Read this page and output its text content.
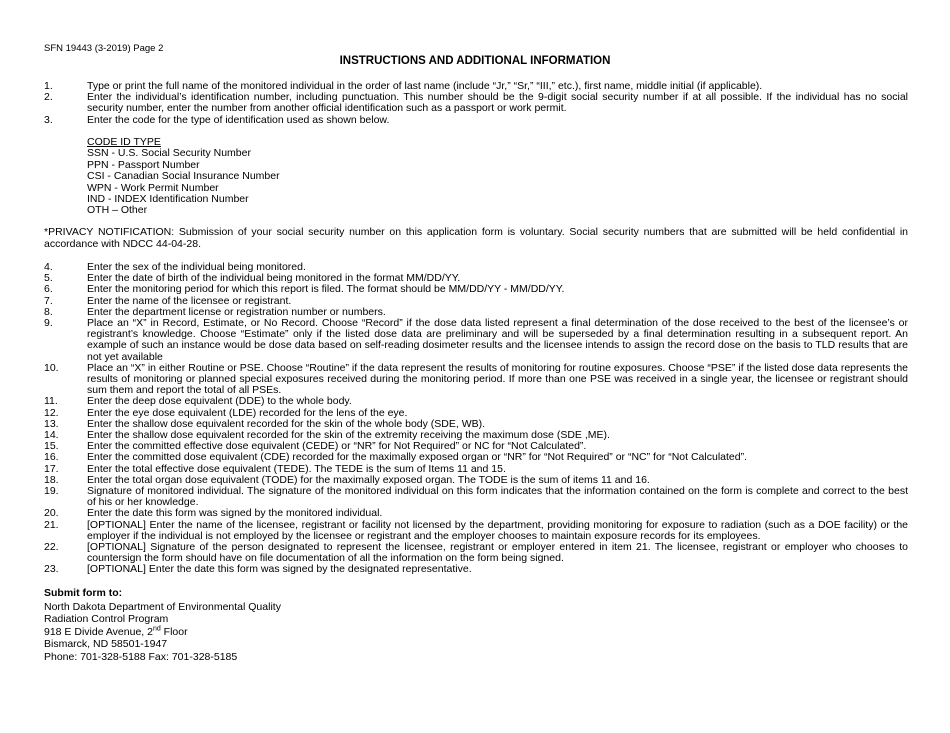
SFN 19443 (3-2019) Page 2
INSTRUCTIONS AND ADDITIONAL INFORMATION
1.	Type or print the full name of the monitored individual in the order of last name (include “Jr,” “Sr,” “III,” etc.), first name, middle initial (if applicable).
2.	Enter the individual’s identification number, including punctuation. This number should be the 9-digit social security number if at all possible. If the individual has no social security number, enter the number from another official identification such as a passport or work permit.
3.	Enter the code for the type of identification used as shown below.
CODE ID TYPE
SSN - U.S. Social Security Number
PPN - Passport Number
CSI - Canadian Social Insurance Number
WPN - Work Permit Number
IND - INDEX Identification Number
OTH – Other
*PRIVACY NOTIFICATION: Submission of your social security number on this application form is voluntary. Social security numbers that are submitted will be held confidential in accordance with NDCC 44-04-28.
4.	Enter the sex of the individual being monitored.
5.	Enter the date of birth of the individual being monitored in the format MM/DD/YY.
6.	Enter the monitoring period for which this report is filed. The format should be MM/DD/YY - MM/DD/YY.
7.	Enter the name of the licensee or registrant.
8.	Enter the department license or registration number or numbers.
9.	Place an “X” in Record, Estimate, or No Record. Choose “Record” if the dose data listed represent a final determination of the dose received to the best of the licensee’s or registrant’s knowledge. Choose “Estimate” only if the listed dose data are preliminary and will be superseded by a final determination resulting in a subsequent report. An example of such an instance would be dose data based on self-reading dosimeter results and the licensee intends to assign the record dose on the basis to TLD results that are not yet available
10.	Place an “X” in either Routine or PSE. Choose “Routine” if the data represent the results of monitoring for routine exposures. Choose “PSE” if the listed dose data represents the results of monitoring or planned special exposures received during the monitoring period. If more than one PSE was received in a single year, the licensee or registrant should sum them and report the total of all PSEs.
11.	Enter the deep dose equivalent (DDE) to the whole body.
12.	Enter the eye dose equivalent (LDE) recorded for the lens of the eye.
13.	Enter the shallow dose equivalent recorded for the skin of the whole body (SDE, WB).
14.	Enter the shallow dose equivalent recorded for the skin of the extremity receiving the maximum dose (SDE ,ME).
15.	Enter the committed effective dose equivalent (CEDE) or “NR” for Not Required” or NC for “Not Calculated”.
16.	Enter the committed dose equivalent (CDE) recorded for the maximally exposed organ or “NR” for “Not Required” or “NC” for “Not Calculated”.
17.	Enter the total effective dose equivalent (TEDE). The TEDE is the sum of Items 11 and 15.
18.	Enter the total organ dose equivalent (TODE) for the maximally exposed organ. The TODE is the sum of items 11 and 16.
19.	Signature of monitored individual. The signature of the monitored individual on this form indicates that the information contained on the form is complete and correct to the best of his or her knowledge.
20.	Enter the date this form was signed by the monitored individual.
21.	[OPTIONAL] Enter the name of the licensee, registrant or facility not licensed by the department, providing monitoring for exposure to radiation (such as a DOE facility) or the employer if the individual is not employed by the licensee or registrant and the employer chooses to maintain exposure records for its employees.
22.	[OPTIONAL] Signature of the person designated to represent the licensee, registrant or employer entered in item 21. The licensee, registrant or employer who chooses to countersign the form should have on file documentation of all the information on the form being signed.
23.	[OPTIONAL] Enter the date this form was signed by the designated representative.
Submit form to:
North Dakota Department of Environmental Quality
Radiation Control Program
918 E Divide Avenue, 2nd Floor
Bismarck, ND 58501-1947
Phone: 701-328-5188 Fax: 701-328-5185
